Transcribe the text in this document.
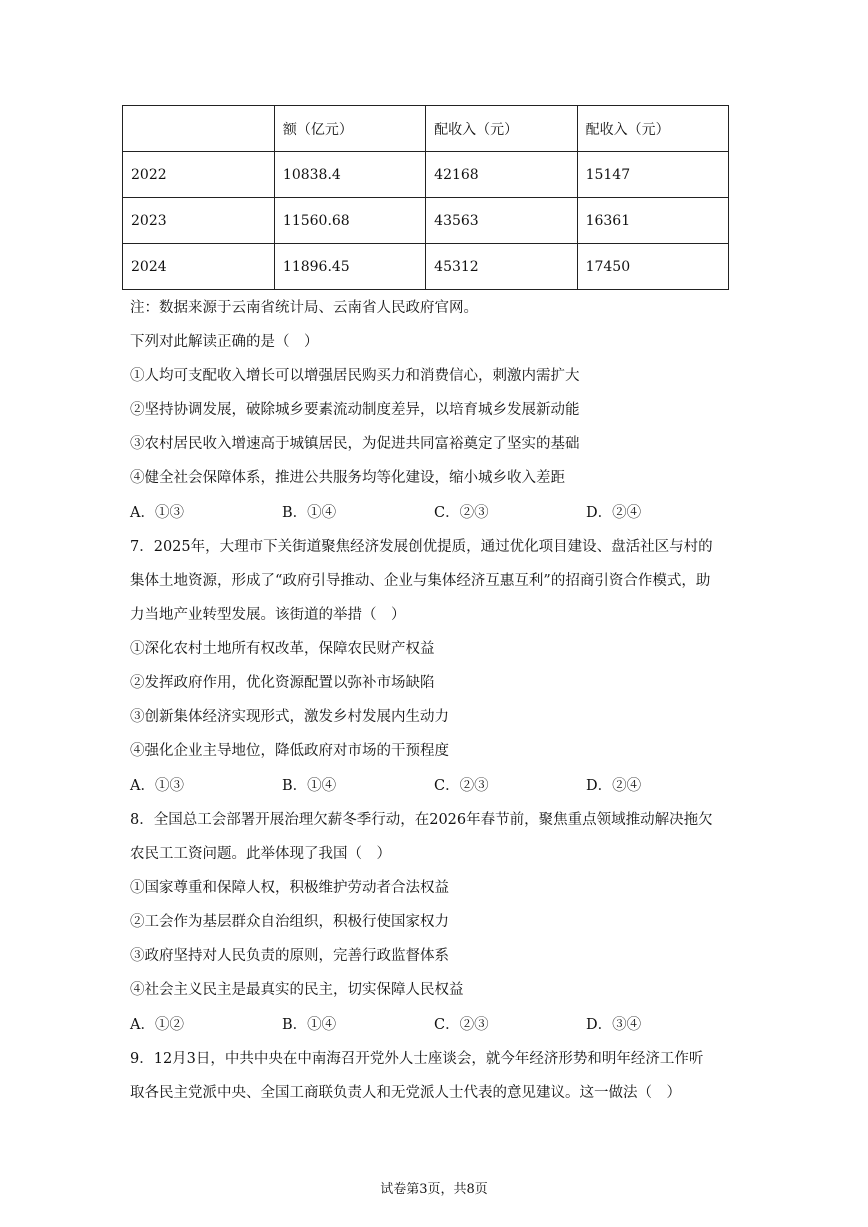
	额（亿元）	配收入（元）	配收入（元）
2022	10838.4	42168	15147
2023	11560.68	43563	16361
2024	11896.45	45312	17450
注：数据来源于云南省统计局、云南省人民政府官网。
下列对此解读正确的是（　）
①人均可支配收入增长可以增强居民购买力和消费信心，刺激内需扩大
②坚持协调发展，破除城乡要素流动制度差异，以培育城乡发展新动能
③农村居民收入增速高于城镇居民，为促进共同富裕奠定了坚实的基础
④健全社会保障体系，推进公共服务均等化建设，缩小城乡收入差距
A．①③	B．①④	C．②③	D．②④
7．2025年，大理市下关街道聚焦经济发展创优提质，通过优化项目建设、盘活社区与村的
集体土地资源，形成了“政府引导推动、企业与集体经济互惠互利”的招商引资合作模式，助
力当地产业转型发展。该街道的举措（　）
①深化农村土地所有权改革，保障农民财产权益
②发挥政府作用，优化资源配置以弥补市场缺陷
③创新集体经济实现形式，激发乡村发展内生动力
④强化企业主导地位，降低政府对市场的干预程度
A．①③	B．①④	C．②③	D．②④
8．全国总工会部署开展治理欠薪冬季行动，在2026年春节前，聚焦重点领域推动解决拖欠
农民工工资问题。此举体现了我国（　）
①国家尊重和保障人权，积极维护劳动者合法权益
②工会作为基层群众自治组织，积极行使国家权力
③政府坚持对人民负责的原则，完善行政监督体系
④社会主义民主是最真实的民主，切实保障人民权益
A．①②	B．①④	C．②③	D．③④
9．12月3日，中共中央在中南海召开党外人士座谈会，就今年经济形势和明年经济工作听
取各民主党派中央、全国工商联负责人和无党派人士代表的意见建议。这一做法（　）
试卷第3页，共8页
